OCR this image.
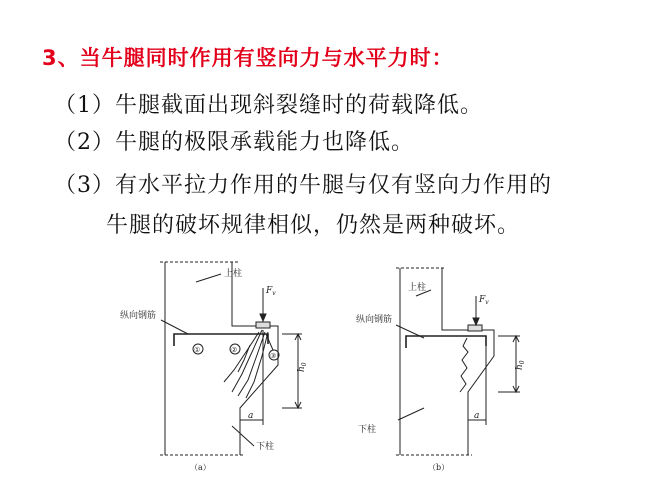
3、当牛腿同时作用有竖向力与水平力时：
（1）牛腿截面出现斜裂缝时的荷载降低。
（2）牛腿的极限承载能力也降低。
（3）有水平拉力作用的牛腿与仅有竖向力作用的
牛腿的破坏规律相似，仍然是两种破坏。
上柱
纵向钢筋
下柱
Fv
h0
a
①	②
③
（a）
上柱
纵向钢筋
下柱
Fv
h0
a
（b）
